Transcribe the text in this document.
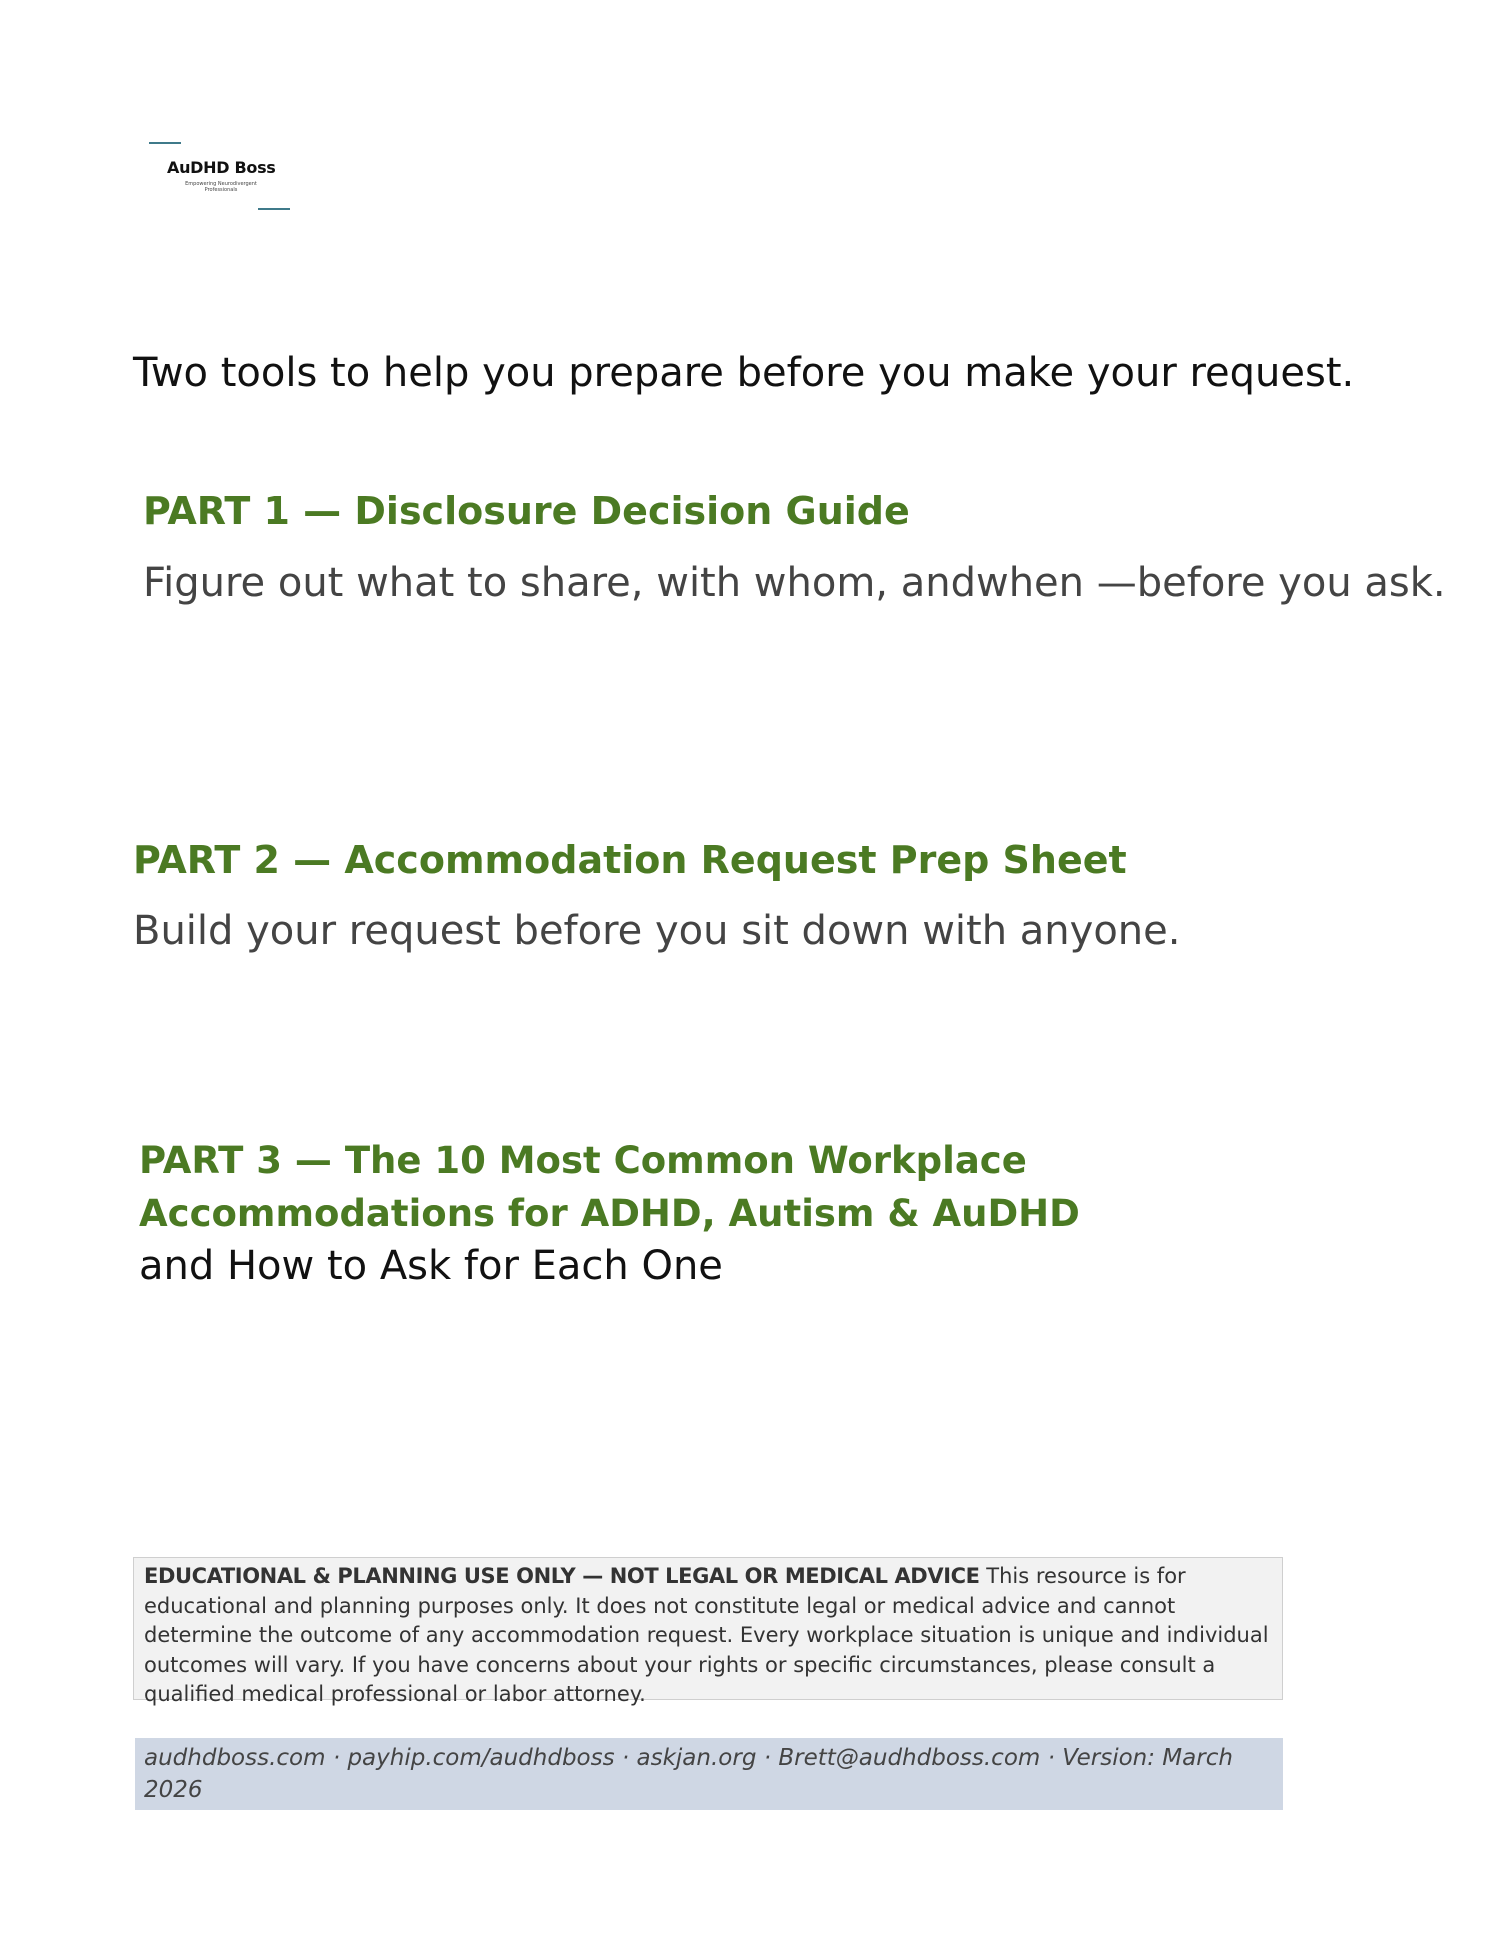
AuDHD Boss
Empowering Neurodivergent Professionals
Two tools to help you prepare before you make your request.
PART 1 — Disclosure Decision Guide
Figure out what to share, with whom, andwhen —before you ask.
PART 2 — Accommodation Request Prep Sheet
Build your request before you sit down with anyone.
PART 3 — The 10 Most Common Workplace Accommodations for ADHD, Autism & AuDHD
and How to Ask for Each One
EDUCATIONAL & PLANNING USE ONLY — NOT LEGAL OR MEDICAL ADVICE This resource is for educational and planning purposes only. It does not constitute legal or medical advice and cannot determine the outcome of any accommodation request. Every workplace situation is unique and individual outcomes will vary. If you have concerns about your rights or specific circumstances, please consult a qualified medical professional or labor attorney.
audhdboss.com · payhip.com/audhdboss · askjan.org · Brett@audhdboss.com · Version: March 2026
